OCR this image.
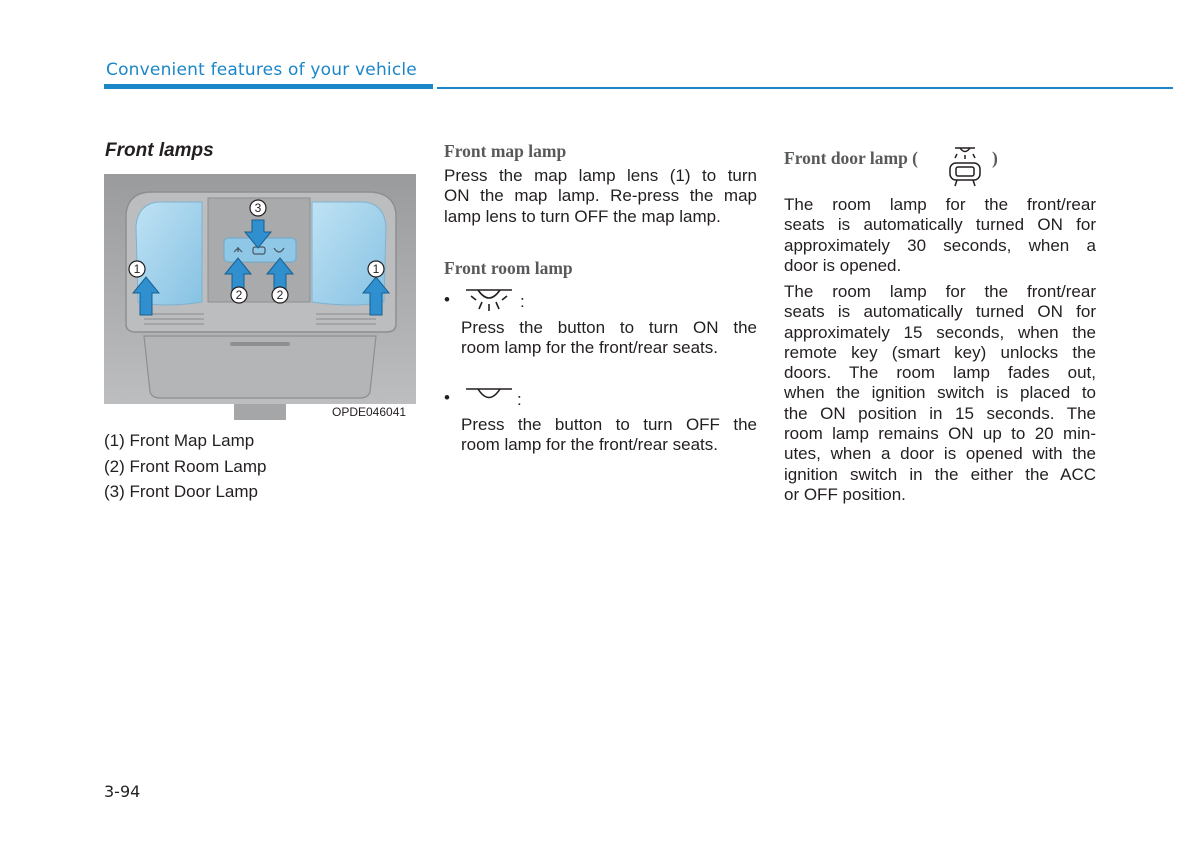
Convenient features of your vehicle
Front lamps
1	1
2	2
3
OPDE046041
(1) Front Map Lamp
(2) Front Room Lamp
(3) Front Door Lamp
Front map lamp
Press the map lamp lens (1) to turn
ON the map lamp. Re-press the map
lamp lens to turn OFF the map lamp.
Front room lamp
•	:
Press the button to turn ON the
room lamp for the front/rear seats.
•	:
Press the button to turn OFF the
room lamp for the front/rear seats.
Front door lamp (	)
The room lamp for the front/rear
seats is automatically turned ON for
approximately 30 seconds, when a
door is opened.
The room lamp for the front/rear
seats is automatically turned ON for
approximately 15 seconds, when the
remote key (smart key) unlocks the
doors. The room lamp fades out,
when the ignition switch is placed to
the ON position in 15 seconds. The
room lamp remains ON up to 20 min-
utes, when a door is opened with the
ignition switch in the either the ACC
or OFF position.
3-94
